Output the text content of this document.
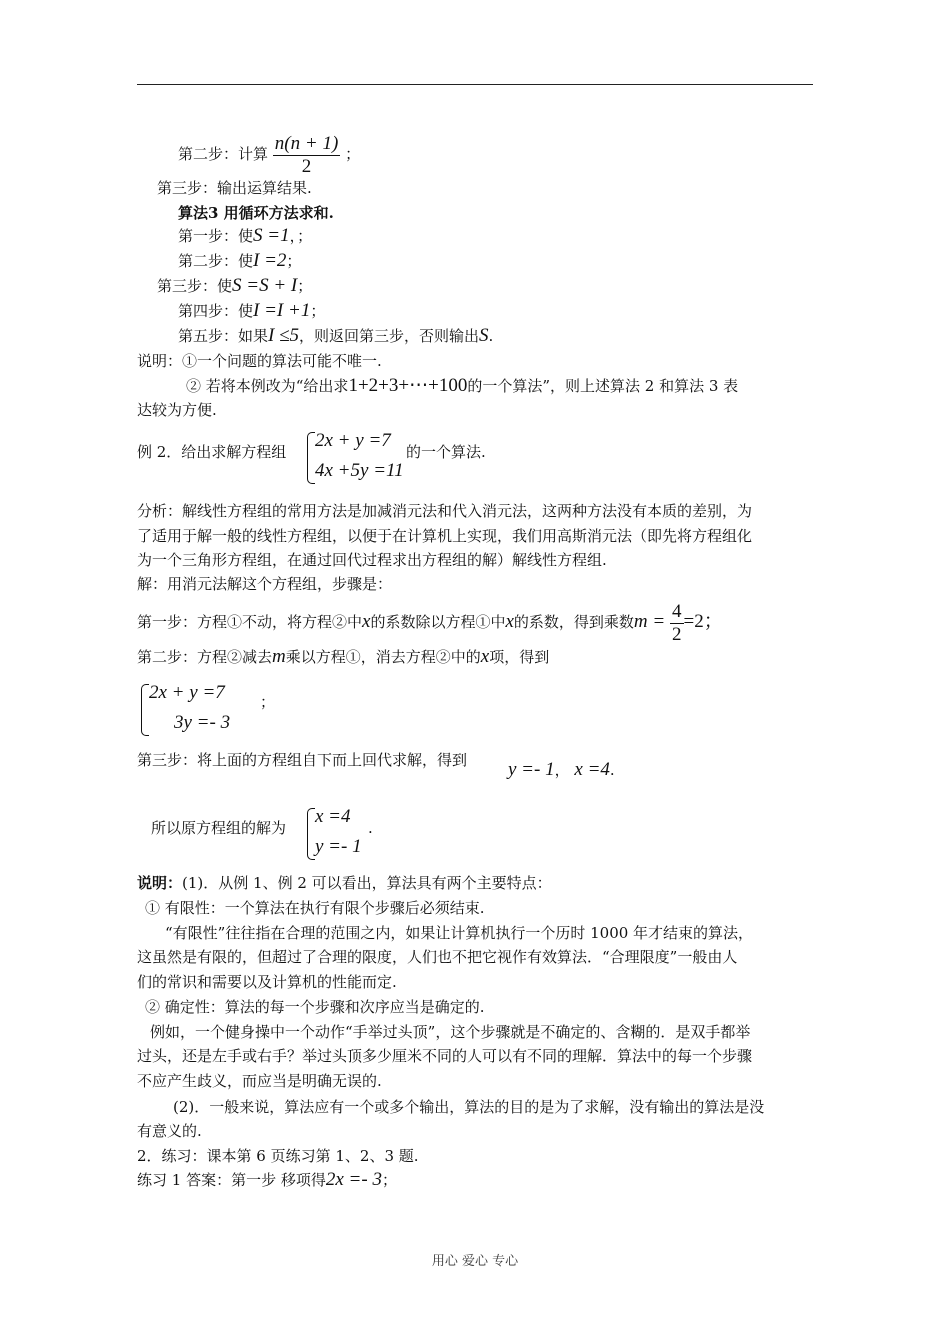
第二步：计算 $\frac{n(n + 1)}{2}$ ；
第三步：输出运算结果.
算法3 用循环方法求和.
第一步：使S =1，；
第二步：使I =2；
第三步：使S =S + I；
第四步：使I =I +1；
第五步：如果I ≤5，则返回第三步，否则输出S.
说明：①一个问题的算法可能不唯一.
② 若将本例改为“给出求1+2+3+⋯+100的一个算法”，则上述算法 2 和算法 3 表
达较为方便.
例 2．给出求解方程组
2x + y =7
4x +5y =11
的一个算法.
分析：解线性方程组的常用方法是加减消元法和代入消元法，这两种方法没有本质的差别，为
了适用于解一般的线性方程组，以便于在计算机上实现，我们用高斯消元法（即先将方程组化
为一个三角形方程组，在通过回代过程求出方程组的解）解线性方程组.
解：用消元法解这个方程组，步骤是：
第一步：方程①不动，将方程②中x的系数除以方程①中x的系数，得到乘数$m = \frac{4}{2} =2$；
第二步：方程②减去m乘以方程①，消去方程②中的x项，得到
2x + y =7
3y =- 3
；
第三步：将上面的方程组自下而上回代求解，得到 y =- 1， x =4.
所以原方程组的解为
x =4
y =- 1
.
说明：(1)．从例 1、例 2 可以看出，算法具有两个主要特点：
① 有限性：一个算法在执行有限个步骤后必须结束.
“有限性”往往指在合理的范围之内，如果让计算机执行一个历时 1000 年才结束的算法，
这虽然是有限的，但超过了合理的限度，人们也不把它视作有效算法．“合理限度”一般由人
们的常识和需要以及计算机的性能而定.
② 确定性：算法的每一个步骤和次序应当是确定的.
例如，一个健身操中一个动作“手举过头顶”，这个步骤就是不确定的、含糊的．是双手都举
过头，还是左手或右手？举过头顶多少厘米不同的人可以有不同的理解．算法中的每一个步骤
不应产生歧义，而应当是明确无误的.
(2)．一般来说，算法应有一个或多个输出，算法的目的是为了求解，没有输出的算法是没
有意义的.
2．练习：课本第 6 页练习第 1、2、3 题.
练习 1 答案：第一步 移项得2x =- 3；
用心 爱心 专心
